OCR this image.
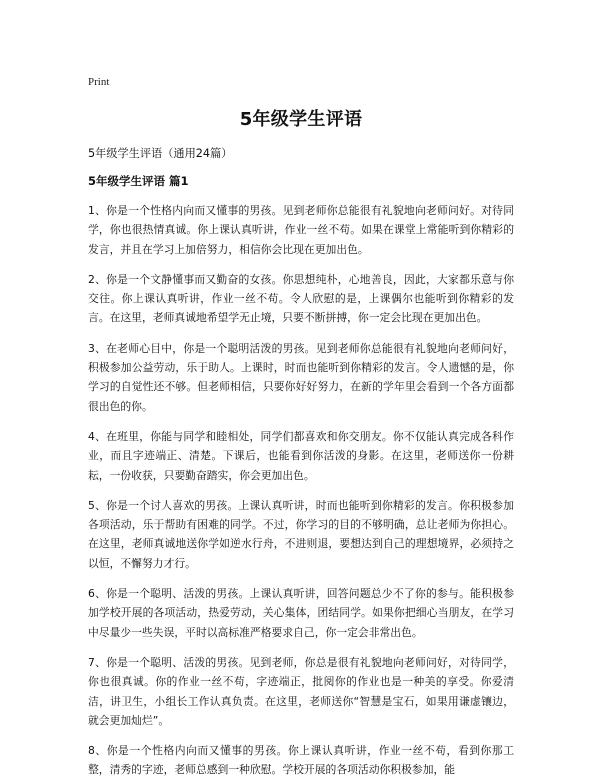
Print
5年级学生评语
5年级学生评语（通用24篇）
5年级学生评语 篇1

1、你是一个性格内向而又懂事的男孩。见到老师你总能很有礼貌地向老师问好。对待同学，你也很热情真诚。你上课认真听讲，作业一丝不苟。如果在课堂上常能听到你精彩的发言，并且在学习上加倍努力，相信你会比现在更加出色。

2、你是一个文静懂事而又勤奋的女孩。你思想纯朴，心地善良，因此，大家都乐意与你交往。你上课认真听讲，作业一丝不苟。令人欣慰的是，上课偶尔也能听到你精彩的发言。在这里，老师真诚地希望学无止境，只要不断拼搏，你一定会比现在更加出色。

3、在老师心目中，你是一个聪明活泼的男孩。见到老师你总能很有礼貌地向老师问好，积极参加公益劳动，乐于助人。上课时，时而也能听到你精彩的发言。令人遗憾的是，你学习的自觉性还不够。但老师相信，只要你好好努力，在新的学年里会看到一个各方面都很出色的你。

4、在班里，你能与同学和睦相处，同学们都喜欢和你交朋友。你不仅能认真完成各科作业，而且字迹端正、清楚。下课后，也能看到你活泼的身影。在这里，老师送你一份耕耘，一份收获，只要勤奋踏实，你会更加出色。

5、你是一个讨人喜欢的男孩。上课认真听讲，时而也能听到你精彩的发言。你积极参加各项活动，乐于帮助有困难的同学。不过，你学习的目的不够明确，总让老师为你担心。在这里，老师真诚地送你学如逆水行舟，不进则退，要想达到自己的理想境界，必须持之以恒，不懈努力才行。

6、你是一个聪明、活泼的男孩。上课认真听讲，回答问题总少不了你的参与。能积极参加学校开展的各项活动，热爱劳动，关心集体，团结同学。如果你把细心当朋友，在学习中尽量少一些失误，平时以高标准严格要求自己，你一定会非常出色。

7、你是一个聪明、活泼的男孩。见到老师，你总是很有礼貌地向老师问好，对待同学，你也很真诚。你的作业一丝不苟，字迹端正，批阅你的作业也是一种美的享受。你爱清洁，讲卫生，小组长工作认真负责。在这里，老师送你“智慧是宝石，如果用谦虚镶边，就会更加灿烂”。

8、你是一个性格内向而又懂事的男孩。你上课认真听讲，作业一丝不苟，看到你那工整，清秀的字迹，老师总感到一种欣慰。学校开展的各项活动你积极参加，能
